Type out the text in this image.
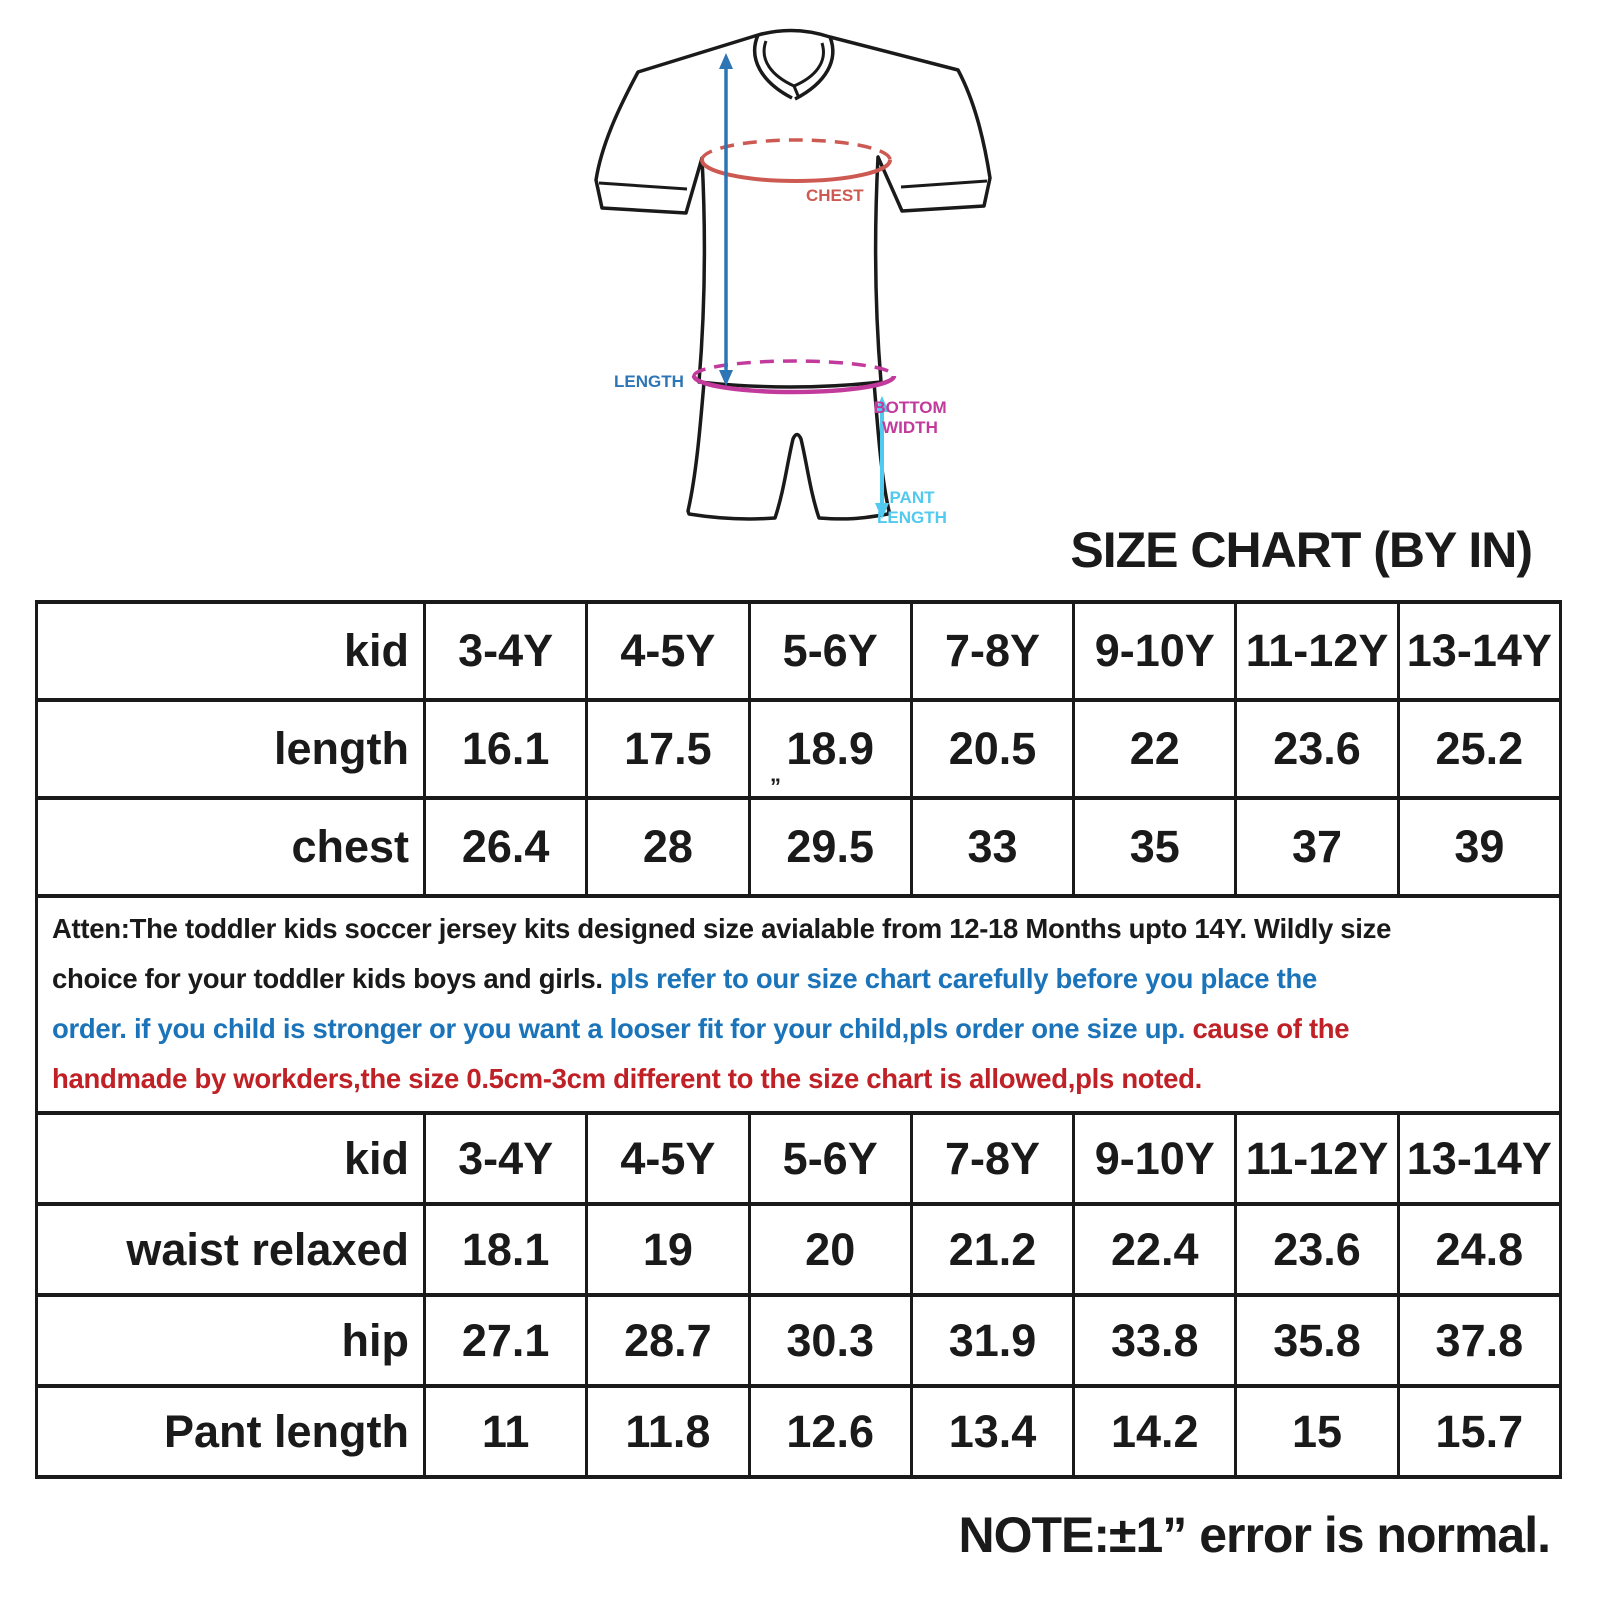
LENGTH
CHEST
BOTTOM WIDTH
PANT LENGTH
SIZE CHART (BY IN)
kid	3-4Y	4-5Y	5-6Y	7-8Y	9-10Y	11-12Y	13-14Y
length	16.1	17.5	18.9	20.5	22	23.6	25.2
chest	26.4	28	29.5	33	35	37	39
Atten:The toddler kids soccer jersey kits designed size avialable from 12-18 Months upto 14Y. Wildly size
choice for your toddler kids boys and girls. pls refer to our size chart carefully before you place the
order. if you child is stronger or you want a looser fit for your child,pls order one size up. cause of the
handmade by workders,the size 0.5cm-3cm different to the size chart is allowed,pls noted.
kid	3-4Y	4-5Y	5-6Y	7-8Y	9-10Y	11-12Y	13-14Y
waist relaxed	18.1	19	20	21.2	22.4	23.6	24.8
hip	27.1	28.7	30.3	31.9	33.8	35.8	37.8
Pant length	11	11.8	12.6	13.4	14.2	15	15.7
”
NOTE:±1” error is normal.
